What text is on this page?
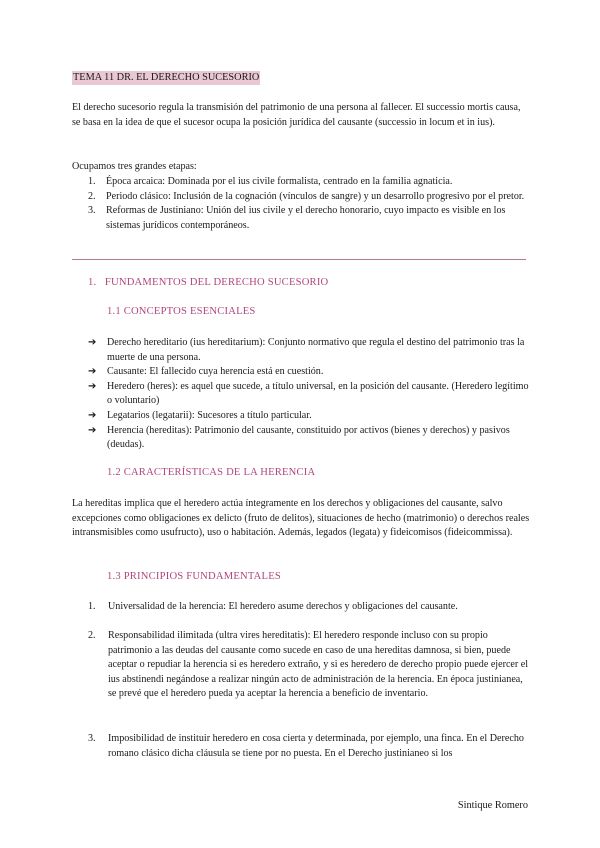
TEMA 11 DR. EL DERECHO SUCESORIO
El derecho sucesorio regula la transmisión del patrimonio de una persona al fallecer. El successio mortis causa, se basa en la idea de que el sucesor ocupa la posición jurídica del causante (successio in locum et in ius).
Ocupamos tres grandes etapas:
1.	Época arcaica: Dominada por el ius civile formalista, centrado en la familia agnaticia.
2.	Periodo clásico: Inclusión de la cognación (vínculos de sangre) y un desarrollo progresivo por el pretor.
3.	Reformas de Justiniano: Unión del ius civile y el derecho honorario, cuyo impacto es visible en los sistemas jurídicos contemporáneos.
1. FUNDAMENTOS DEL DERECHO SUCESORIO
1.1 CONCEPTOS ESENCIALES
➔	Derecho hereditario (ius hereditarium): Conjunto normativo que regula el destino del patrimonio tras la muerte de una persona.
➔	Causante: El fallecido cuya herencia está en cuestión.
➔	Heredero (heres): es aquel que sucede, a título universal, en la posición del causante. (Heredero legítimo o voluntario)
➔	Legatarios (legatarii): Sucesores a título particular.
➔	Herencia (hereditas): Patrimonio del causante, constituido por activos (bienes y derechos) y pasivos (deudas).
1.2 CARACTERÍSTICAS DE LA HERENCIA
La hereditas implica que el heredero actúa íntegramente en los derechos y obligaciones del causante, salvo excepciones como obligaciones ex delicto (fruto de delitos), situaciones de hecho (matrimonio) o derechos reales intransmisibles como usufructo), uso o habitación. Además, legados (legata) y fideicomisos (fideicommissa).
1.3 PRINCIPIOS FUNDAMENTALES
1.	Universalidad de la herencia: El heredero asume derechos y obligaciones del causante.
2.	Responsabilidad ilimitada (ultra vires hereditatis): El heredero responde incluso con su propio patrimonio a las deudas del causante como sucede en caso de una hereditas damnosa, si bien, puede aceptar o repudiar la herencia si es heredero extraño, y si es heredero de derecho propio puede ejercer el ius abstinendi negándose a realizar ningún acto de administración de la herencia. En época justinianea, se prevé que el heredero pueda ya aceptar la herencia a beneficio de inventario.
3.	Imposibilidad de instituir heredero en cosa cierta y determinada, por ejemplo, una finca. En el Derecho romano clásico dicha cláusula se tiene por no puesta. En el Derecho justinianeo si los
Sintique Romero
